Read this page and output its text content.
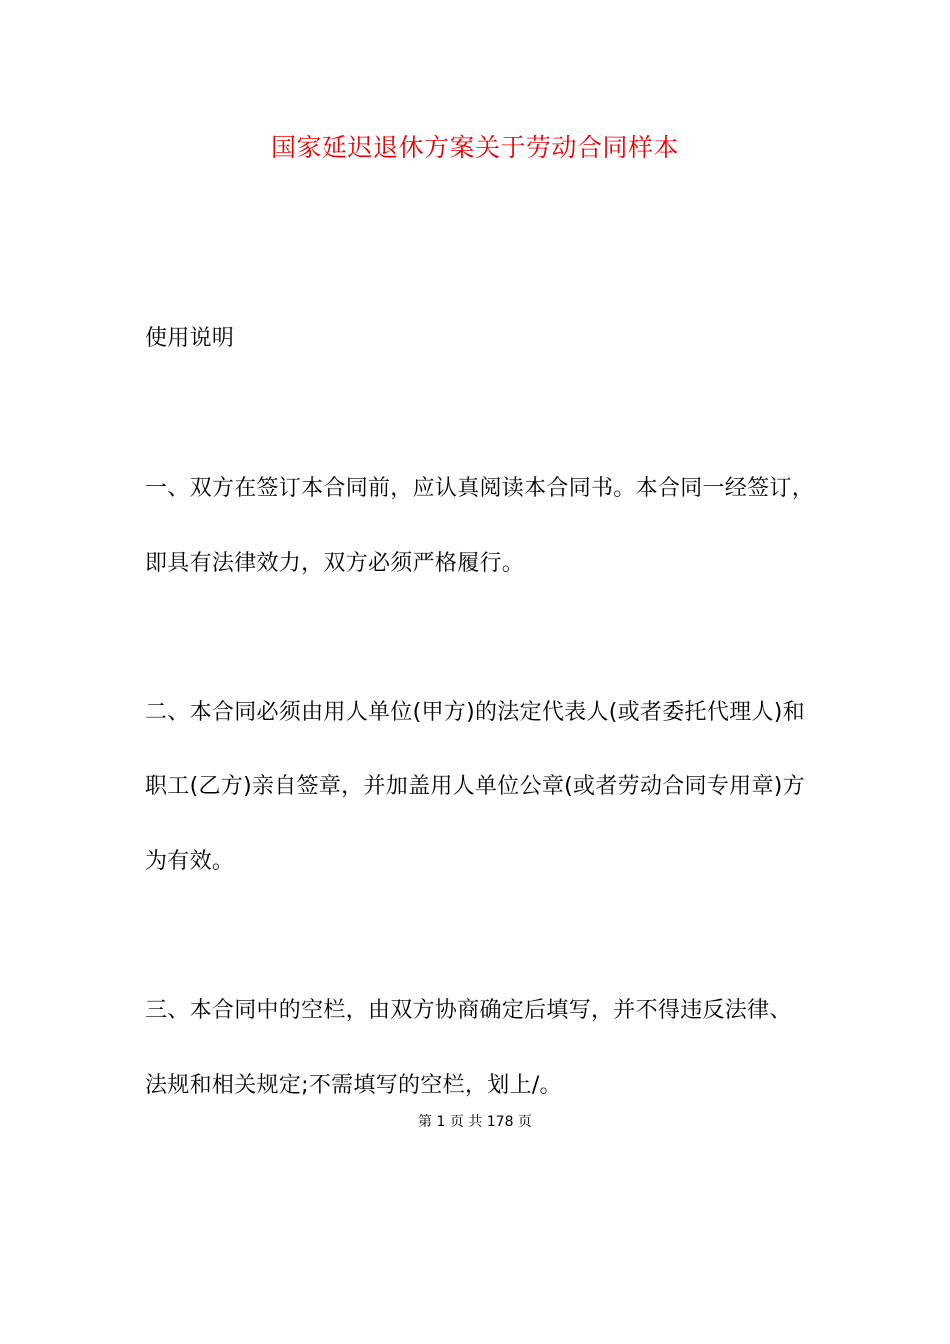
国家延迟退休方案关于劳动合同样本
使用说明
一、双方在签订本合同前，应认真阅读本合同书。本合同一经签订，
即具有法律效力，双方必须严格履行。
二、本合同必须由用人单位(甲方)的法定代表人(或者委托代理人)和
职工(乙方)亲自签章，并加盖用人单位公章(或者劳动合同专用章)方
为有效。
三、本合同中的空栏，由双方协商确定后填写，并不得违反法律、
法规和相关规定;不需填写的空栏，划上/。
第 1 页 共 178 页
